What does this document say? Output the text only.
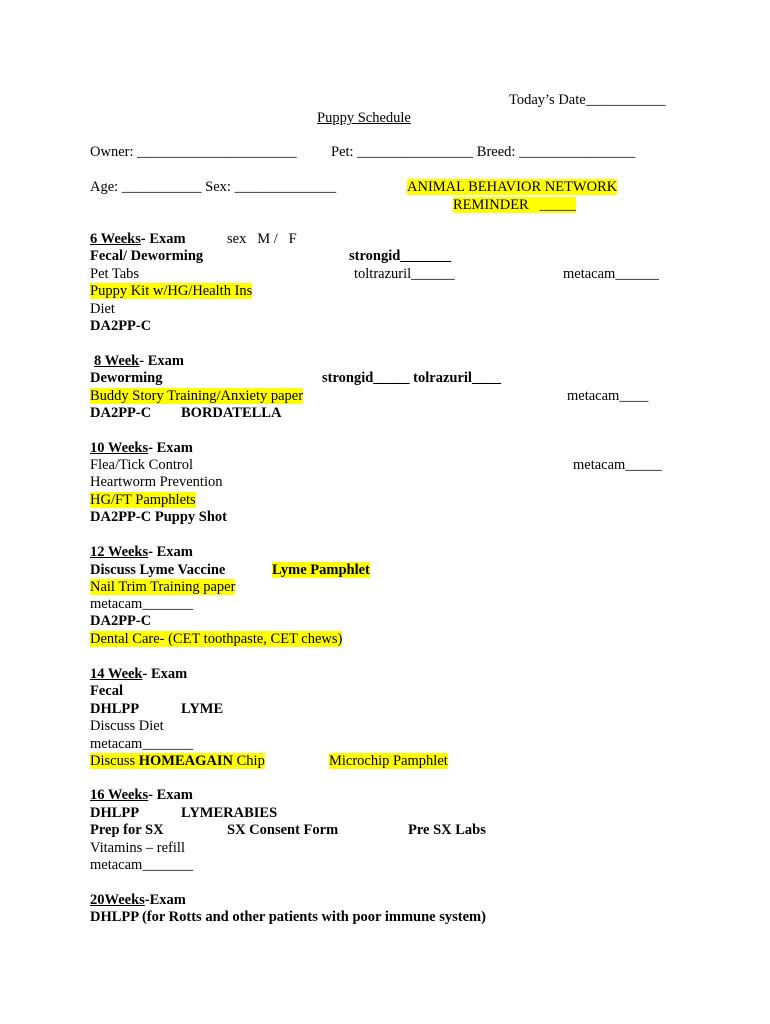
Today’s Date___________
Puppy Schedule
Owner: ______________________ Pet: ________________ Breed: ________________
Age: ___________ Sex: ______________	ANIMAL BEHAVIOR NETWORK
REMINDER _____
6 Weeks- Exam	sex   M /   F
Fecal/ Deworming	strongid_______
Pet Tabs	toltrazuril______	metacam______
Puppy Kit w/HG/Health Ins
Diet
DA2PP-C
8 Week- Exam
Deworming	strongid_____ tolrazuril____
Buddy Story Training/Anxiety paper	metacam____
DA2PP-C BORDATELLA
10 Weeks- Exam
Flea/Tick Control	metacam_____
Heartworm Prevention
HG/FT Pamphlets
DA2PP-C Puppy Shot
12 Weeks- Exam
Discuss Lyme Vaccine	Lyme Pamphlet
Nail Trim Training paper
metacam_______
DA2PP-C
Dental Care- (CET toothpaste, CET chews)
14 Week- Exam
Fecal
DHLPP	LYME
Discuss Diet
metacam_______
Discuss HOMEAGAIN Chip	Microchip Pamphlet
16 Weeks- Exam
DHLPP	LYMERABIES
Prep for SX	SX Consent Form	Pre SX Labs
Vitamins – refill
metacam_______
20Weeks-Exam
DHLPP (for Rotts and other patients with poor immune system)
